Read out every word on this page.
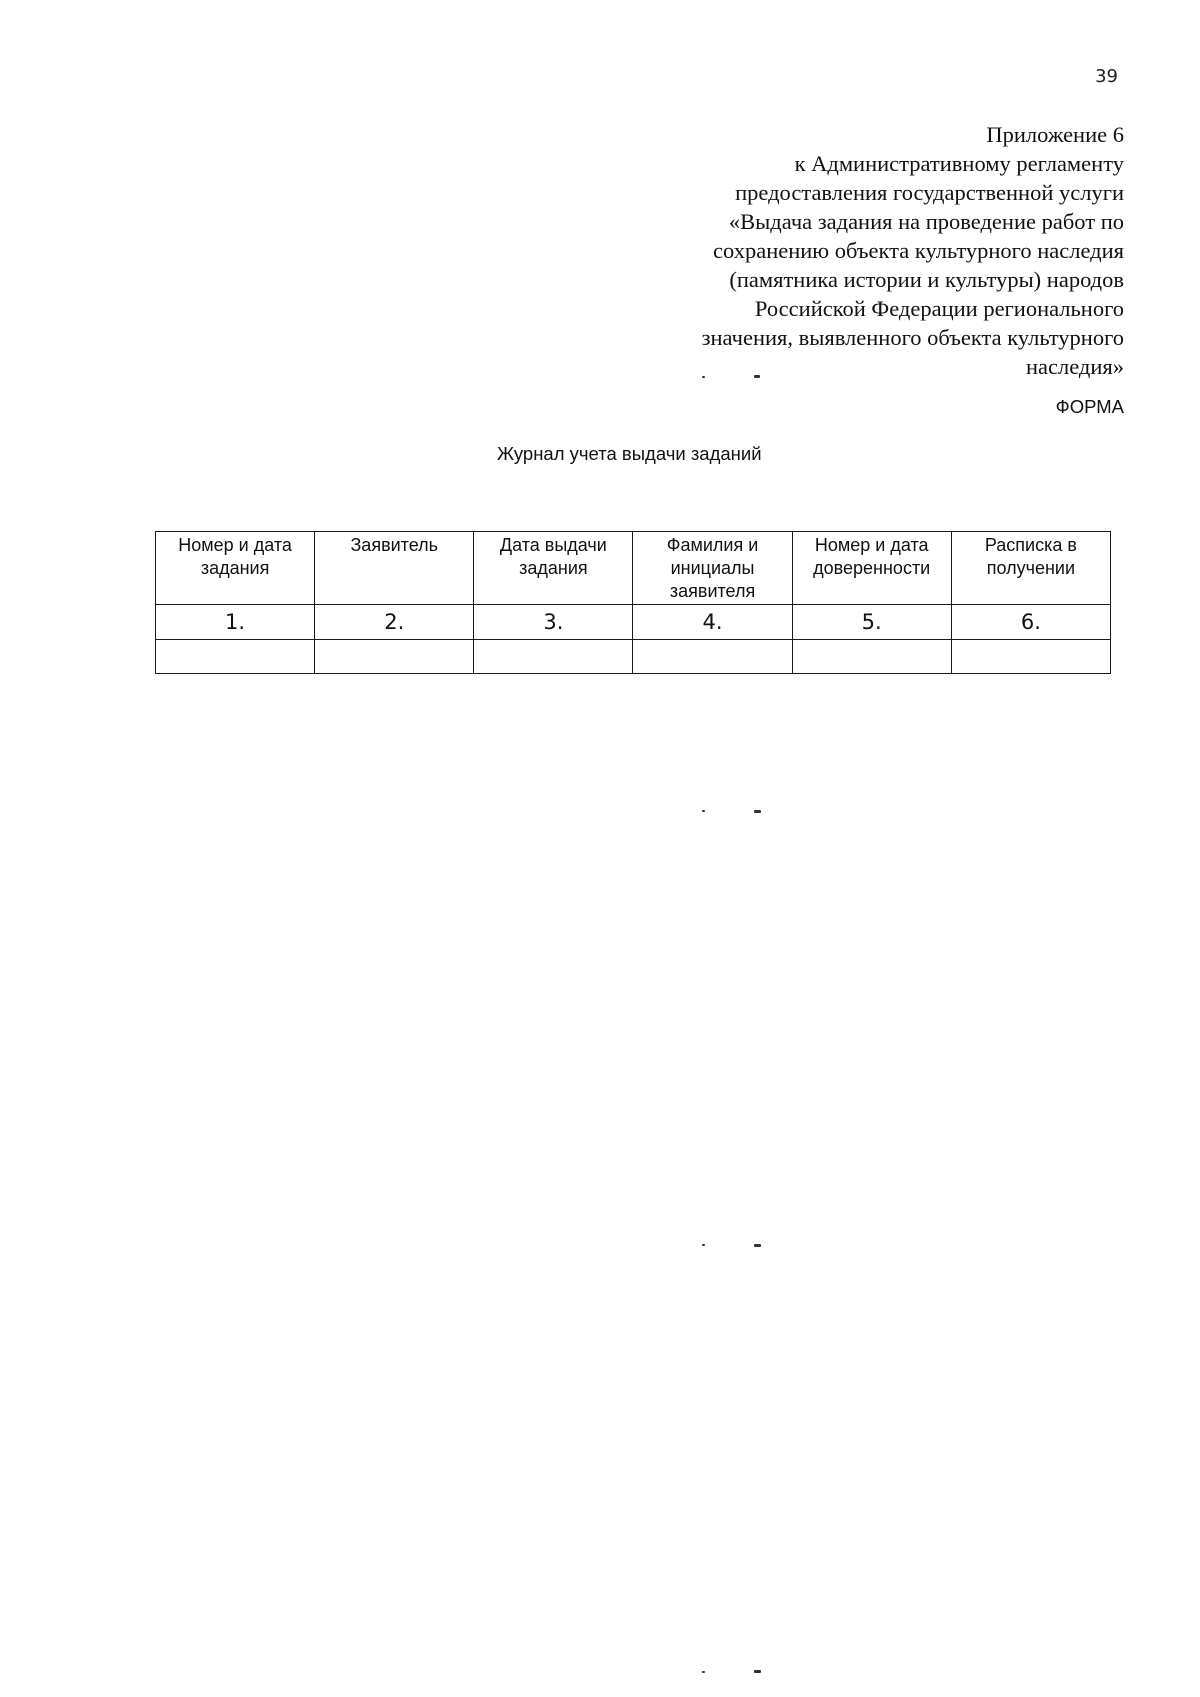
39
Приложение 6
к Административному регламенту
предоставления государственной услуги
«Выдача задания на проведение работ по
сохранению объекта культурного наследия
(памятника истории и культуры) народов
Российской Федерации регионального
значения, выявленного объекта культурного
наследия»
ФОРМА
Журнал учета выдачи заданий
Номер и дата задания	Заявитель	Дата выдачи задания	Фамилия и инициалы заявителя	Номер и дата доверенности	Расписка в получении
1.	2.	3.	4.	5.	6.
